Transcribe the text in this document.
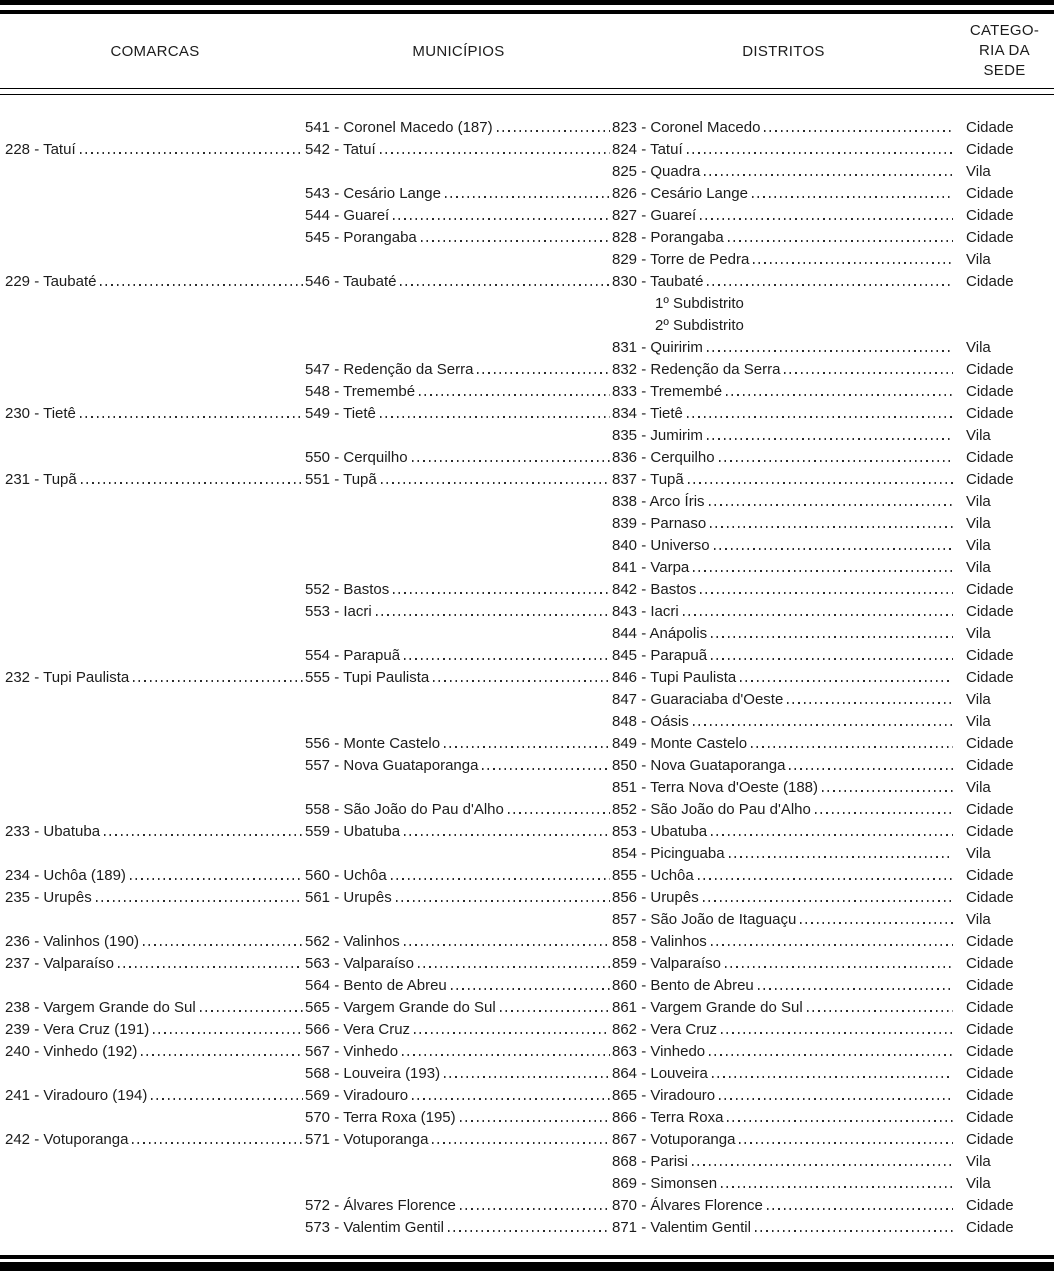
COMARCAS	MUNICÍPIOS	DISTRITOS
CATEGO-
RIA DA
SEDE
541 - Coronel Macedo (187)	823 - Coronel Macedo	Cidade
228 - Tatuí	542 - Tatuí	824 - Tatuí	Cidade
825 - Quadra	Vila
543 - Cesário Lange	826 - Cesário Lange	Cidade
544 - Guareí	827 - Guareí	Cidade
545 - Porangaba	828 - Porangaba	Cidade
829 - Torre de Pedra	Vila
229 - Taubaté	546 - Taubaté	830 - Taubaté	Cidade
1º Subdistrito
2º Subdistrito
831 - Quiririm	Vila
547 - Redenção da Serra	832 - Redenção da Serra	Cidade
548 - Tremembé	833 - Tremembé	Cidade
230 - Tietê	549 - Tietê	834 - Tietê	Cidade
835 - Jumirim	Vila
550 - Cerquilho	836 - Cerquilho	Cidade
231 - Tupã	551 - Tupã	837 - Tupã	Cidade
838 - Arco Íris	Vila
839 - Parnaso	Vila
840 - Universo	Vila
841 - Varpa	Vila
552 - Bastos	842 - Bastos	Cidade
553 - Iacri	843 - Iacri	Cidade
844 - Anápolis	Vila
554 - Parapuã	845 - Parapuã	Cidade
232 - Tupi Paulista	555 - Tupi Paulista	846 - Tupi Paulista	Cidade
847 - Guaraciaba d'Oeste	Vila
848 - Oásis	Vila
556 - Monte Castelo	849 - Monte Castelo	Cidade
557 - Nova Guataporanga	850 - Nova Guataporanga	Cidade
851 - Terra Nova d'Oeste (188)	Vila
558 - São João do Pau d'Alho	852 - São João do Pau d'Alho	Cidade
233 - Ubatuba	559 - Ubatuba	853 - Ubatuba	Cidade
854 - Picinguaba	Vila
234 - Uchôa (189)	560 - Uchôa	855 - Uchôa	Cidade
235 - Urupês	561 - Urupês	856 - Urupês	Cidade
857 - São João de Itaguaçu	Vila
236 - Valinhos (190)	562 - Valinhos	858 - Valinhos	Cidade
237 - Valparaíso	563 - Valparaíso	859 - Valparaíso	Cidade
564 - Bento de Abreu	860 - Bento de Abreu	Cidade
238 - Vargem Grande do Sul	565 - Vargem Grande do Sul	861 - Vargem Grande do Sul	Cidade
239 - Vera Cruz (191)	566 - Vera Cruz	862 - Vera Cruz	Cidade
240 - Vinhedo (192)	567 - Vinhedo	863 - Vinhedo	Cidade
568 - Louveira (193)	864 - Louveira	Cidade
241 - Viradouro (194)	569 - Viradouro	865 - Viradouro	Cidade
570 - Terra Roxa (195)	866 - Terra Roxa	Cidade
242 - Votuporanga	571 - Votuporanga	867 - Votuporanga	Cidade
868 - Parisi	Vila
869 - Simonsen	Vila
572 - Álvares Florence	870 - Álvares Florence	Cidade
573 - Valentim Gentil	871 - Valentim Gentil	Cidade
